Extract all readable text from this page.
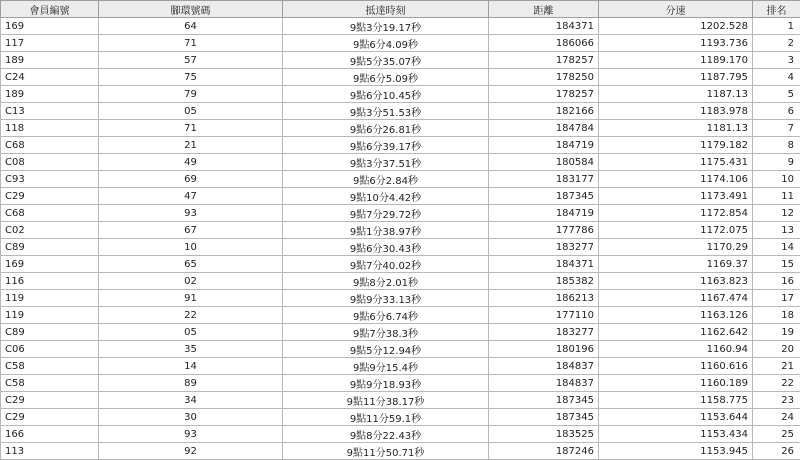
會員編號	腳環號碼	抵達時刻	距離	分速	排名
169	64	9點3分19.17秒	184371	1202.528	1
117	71	9點6分4.09秒	186066	1193.736	2
189	57	9點5分35.07秒	178257	1189.170	3
C24	75	9點6分5.09秒	178250	1187.795	4
189	79	9點6分10.45秒	178257	1187.13	5
C13	05	9點3分51.53秒	182166	1183.978	6
118	71	9點6分26.81秒	184784	1181.13	7
C68	21	9點6分39.17秒	184719	1179.182	8
C08	49	9點3分37.51秒	180584	1175.431	9
C93	69	9點6分2.84秒	183177	1174.106	10
C29	47	9點10分4.42秒	187345	1173.491	11
C68	93	9點7分29.72秒	184719	1172.854	12
C02	67	9點1分38.97秒	177786	1172.075	13
C89	10	9點6分30.43秒	183277	1170.29	14
169	65	9點7分40.02秒	184371	1169.37	15
116	02	9點8分2.01秒	185382	1163.823	16
119	91	9點9分33.13秒	186213	1167.474	17
119	22	9點6分6.74秒	177110	1163.126	18
C89	05	9點7分38.3秒	183277	1162.642	19
C06	35	9點5分12.94秒	180196	1160.94	20
C58	14	9點9分15.4秒	184837	1160.616	21
C58	89	9點9分18.93秒	184837	1160.189	22
C29	34	9點11分38.17秒	187345	1158.775	23
C29	30	9點11分59.1秒	187345	1153.644	24
166	93	9點8分22.43秒	183525	1153.434	25
113	92	9點11分50.71秒	187246	1153.945	26
